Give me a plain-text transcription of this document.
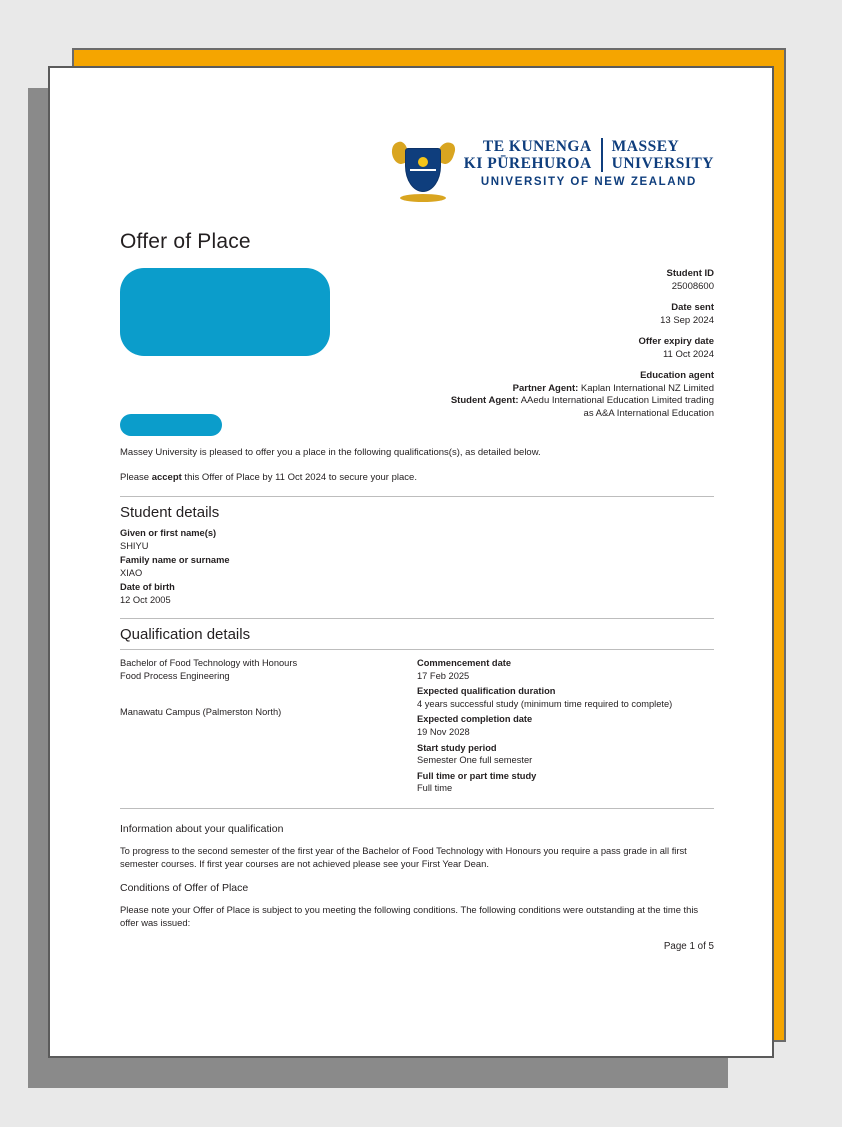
TE KUNENGA
KI PŪREHUROA
MASSEY
UNIVERSITY
UNIVERSITY OF NEW ZEALAND
Offer of Place
Student ID
25008600
Date sent
13 Sep 2024
Offer expiry date
11 Oct 2024
Education agent
Partner Agent: Kaplan International NZ Limited
Student Agent: AAedu International Education Limited trading
as A&A International Education

Massey University is pleased to offer you a place in the following qualifications(s), as detailed below.

Please accept this Offer of Place by 11 Oct 2024 to secure your place.

Student details
Given or first name(s)
SHIYU
Family name or surname
XIAO
Date of birth
12 Oct 2005
Qualification details
Bachelor of Food Technology with Honours
Food Process Engineering
Manawatu Campus (Palmerston North)
Commencement date
17 Feb 2025
Expected qualification duration
4 years successful study (minimum time required to complete)
Expected completion date
19 Nov 2028
Start study period
Semester One full semester
Full time or part time study
Full time
Information about your qualification

To progress to the second semester of the first year of the Bachelor of Food Technology with Honours you require a pass grade in all first semester courses. If first year courses are not achieved please see your First Year Dean.

Conditions of Offer of Place

Please note your Offer of Place is subject to you meeting the following conditions. The following conditions were outstanding at the time this offer was issued:

Page 1 of 5
